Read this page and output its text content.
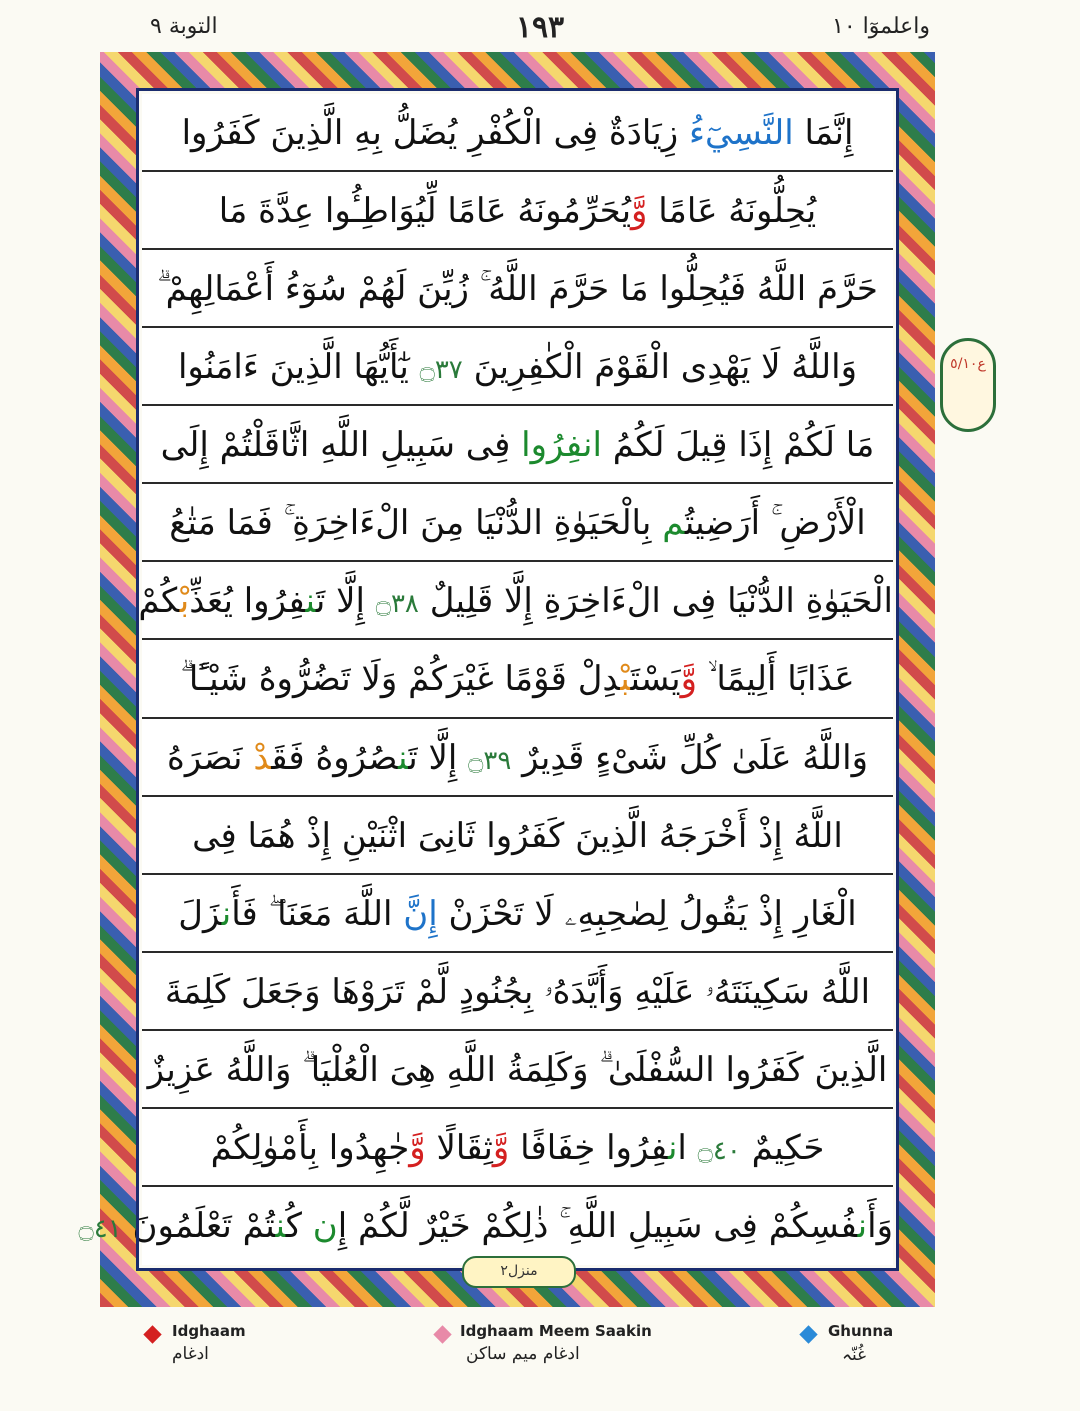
التوبة ٩	١٩٣	واعلموٓا ١٠
إِنَّمَا النَّسِيٓءُ زِيَادَةٌ فِى الْكُفْرِ يُضَلُّ بِهِ الَّذِينَ كَفَرُوا
يُحِلُّونَهُ عَامًا وَّيُحَرِّمُونَهُ عَامًا لِّيُوَاطِـُٔوا عِدَّةَ مَا
حَرَّمَ اللَّهُ فَيُحِلُّوا مَا حَرَّمَ اللَّهُ ۚ زُيِّنَ لَهُمْ سُوٓءُ أَعْمَالِهِمْ ۗ
وَاللَّهُ لَا يَهْدِى الْقَوْمَ الْكٰفِرِينَ ۝٣٧ يٰٓأَيُّهَا الَّذِينَ ءَامَنُوا
مَا لَكُمْ إِذَا قِيلَ لَكُمُ انفِرُوا فِى سَبِيلِ اللَّهِ اثَّاقَلْتُمْ إِلَى
الْأَرْضِ ۚ أَرَضِيتُم بِالْحَيَوٰةِ الدُّنْيَا مِنَ الْءَاخِرَةِ ۚ فَمَا مَتٰعُ
الْحَيَوٰةِ الدُّنْيَا فِى الْءَاخِرَةِ إِلَّا قَلِيلٌ ۝٣٨ إِلَّا تَنفِرُوا يُعَذِّبْكُمْ
عَذَابًا أَلِيمًا ۙ وَّيَسْتَبْدِلْ قَوْمًا غَيْرَكُمْ وَلَا تَضُرُّوهُ شَيْـًٔا ۗ
وَاللَّهُ عَلَىٰ كُلِّ شَىْءٍ قَدِيرٌ ۝٣٩ إِلَّا تَنصُرُوهُ فَقَدْ نَصَرَهُ
اللَّهُ إِذْ أَخْرَجَهُ الَّذِينَ كَفَرُوا ثَانِىَ اثْنَيْنِ إِذْ هُمَا فِى
الْغَارِ إِذْ يَقُولُ لِصٰحِبِهِۦ لَا تَحْزَنْ إِنَّ اللَّهَ مَعَنَا ۖ فَأَنزَلَ
اللَّهُ سَكِينَتَهُۥ عَلَيْهِ وَأَيَّدَهُۥ بِجُنُودٍ لَّمْ تَرَوْهَا وَجَعَلَ كَلِمَةَ
الَّذِينَ كَفَرُوا السُّفْلَىٰ ۗ وَكَلِمَةُ اللَّهِ هِىَ الْعُلْيَا ۗ وَاللَّهُ عَزِيزٌ
حَكِيمٌ ۝٤٠ انفِرُوا خِفَافًا وَّثِقَالًا وَّجٰهِدُوا بِأَمْوٰلِكُمْ
وَأَنفُسِكُمْ فِى سَبِيلِ اللَّهِ ۚ ذٰلِكُمْ خَيْرٌ لَّكُمْ إِن كُنتُمْ تَعْلَمُونَ ۝٤١
ع٥/١٠
منزل٢
Idghaam
ادغام
Idghaam Meem Saakin
ادغام میم ساکن
Ghunna
غُنّہ
